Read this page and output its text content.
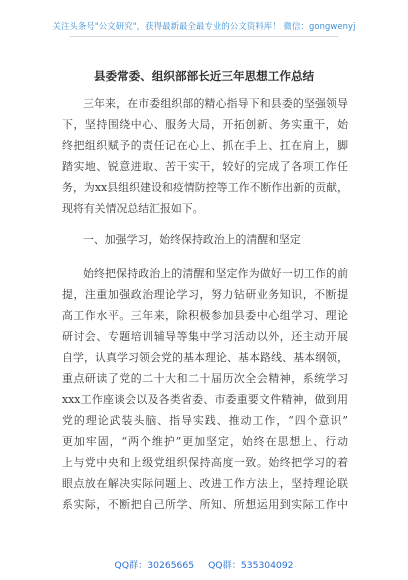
关注头条号"公文研究"，获得最新最全最专业的公文资料库！ 微信：gongwenyj
县委常委、组织部部长近三年思想工作总结
三年来，在市委组织部的精心指导下和县委的坚强领导
下，坚持围绕中心、服务大局，开拓创新、务实重干，始
终把组织赋予的责任记在心上、抓在手上、扛在肩上，脚
踏实地、锐意进取、苦干实干，较好的完成了各项工作任
务，为xx县组织建设和疫情防控等工作不断作出新的贡献，
现将有关情况总结汇报如下。
一、加强学习，始终保持政治上的清醒和坚定
始终把保持政治上的清醒和坚定作为做好一切工作的前
提，注重加强政治理论学习，努力钻研业务知识，不断提
高工作水平。三年来，除积极参加县委中心组学习、理论
研讨会、专题培训辅导等集中学习活动以外，还主动开展
自学，认真学习领会党的基本理论、基本路线、基本纲领，
重点研读了党的二十大和二十届历次全会精神，系统学习
xxx工作座谈会以及各类省委、市委重要文件精神，做到用
党的理论武装头脑、指导实践、推动工作，“四个意识”
更加牢固，“两个维护”更加坚定，始终在思想上、行动
上与党中央和上级党组织保持高度一致。始终把学习的着
眼点放在解决实际问题上、改进工作方法上，坚持理论联
系实际，不断把自己所学、所知、所想运用到实际工作中
QQ群：30265665 QQ群：535304092
